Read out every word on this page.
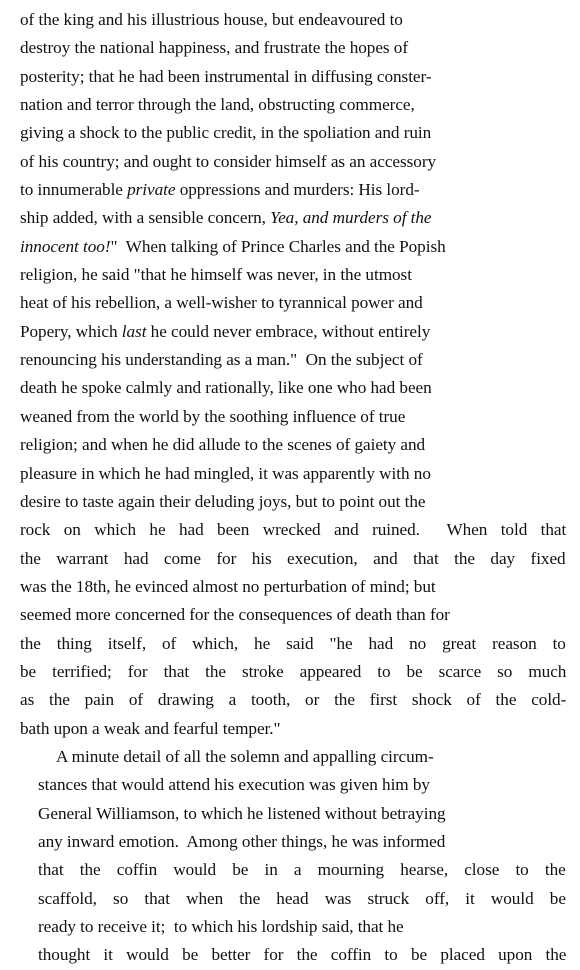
of the king and his illustrious house, but endeavoured to
destroy the national happiness, and frustrate the hopes of
posterity; that he had been instrumental in diffusing conster-
nation and terror through the land, obstructing commerce,
giving a shock to the public credit, in the spoliation and ruin
of his country; and ought to consider himself as an accessory
to innumerable private oppressions and murders: His lord-
ship added, with a sensible concern, Yea, and murders of the
innocent too!"  When talking of Prince Charles and the Popish
religion, he said "that he himself was never, in the utmost
heat of his rebellion, a well-wisher to tyrannical power and
Popery, which last he could never embrace, without entirely
renouncing his understanding as a man."  On the subject of
death he spoke calmly and rationally, like one who had been
weaned from the world by the soothing influence of true
religion; and when he did allude to the scenes of gaiety and
pleasure in which he had mingled, it was apparently with no
desire to taste again their deluding joys, but to point out the
rock on which he had been wrecked and ruined.  When told that
the warrant had come for his execution, and that the day fixed
was the 18th, he evinced almost no perturbation of mind; but
seemed more concerned for the consequences of death than for
the thing itself, of which, he said "he had no great reason to
be terrified; for that the stroke appeared to be scarce so much
as the pain of drawing a tooth, or the first shock of the cold-
bath upon a weak and fearful temper."

A minute detail of all the solemn and appalling circum-
stances that would attend his execution was given him by
General Williamson, to which he listened without betraying
any inward emotion.  Among other things, he was informed
that the coffin would be in a mourning hearse, close to the
scaffold, so that when the head was struck off, it would be
ready to receive it;  to which his lordship said, that he
thought it would be better for the coffin to be placed upon the
